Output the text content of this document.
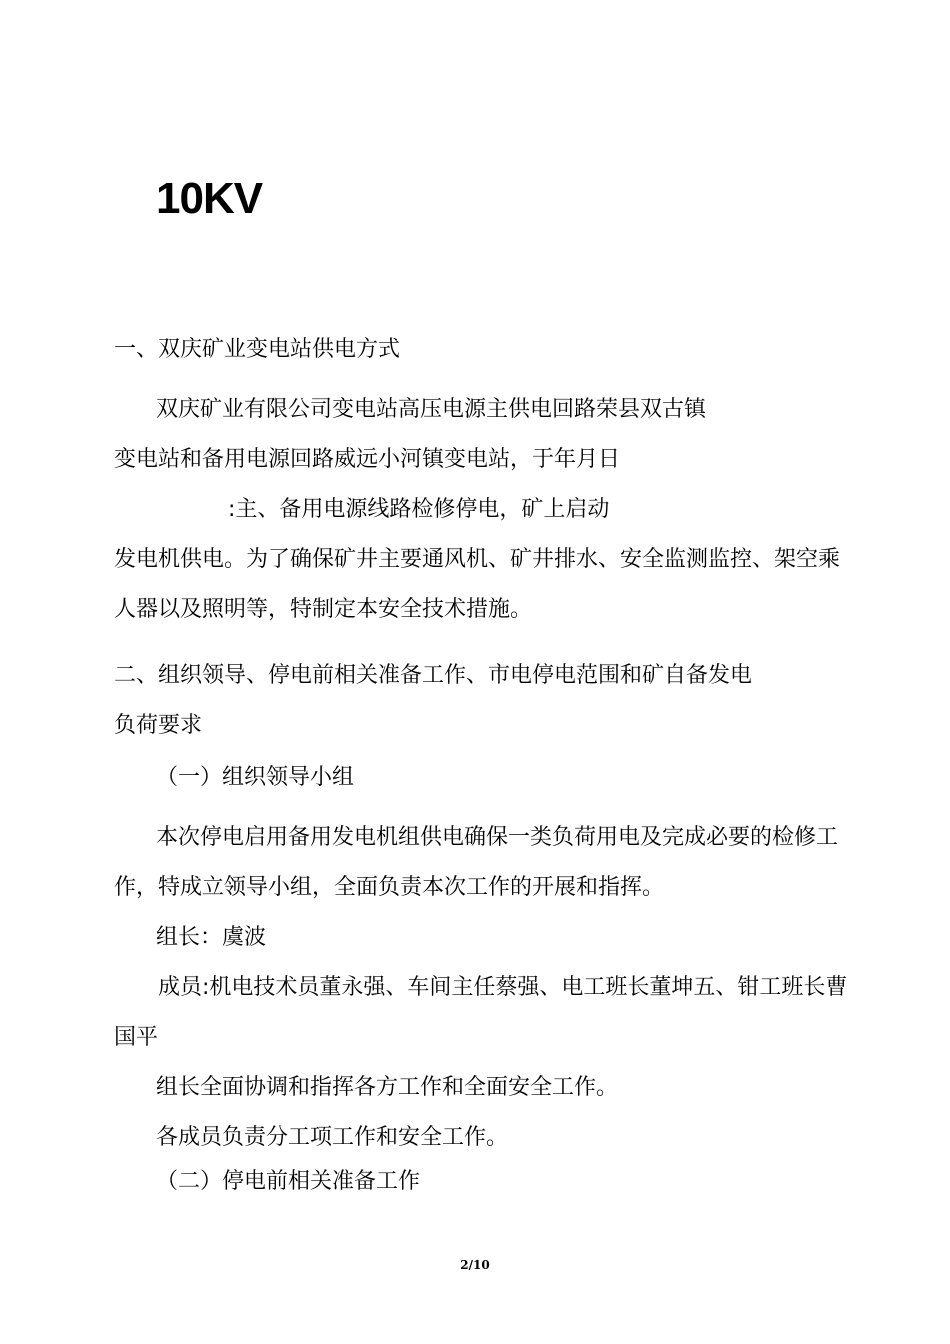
10KV
一、双庆矿业变电站供电方式
双庆矿业有限公司变电站高压电源主供电回路荣县双古镇
变电站和备用电源回路威远小河镇变电站，于年月日
:主、备用电源线路检修停电，矿上启动
发电机供电。为了确保矿井主要通风机、矿井排水、安全监测监控、架空乘
人器以及照明等，特制定本安全技术措施。
二、组织领导、停电前相关准备工作、市电停电范围和矿自备发电
负荷要求
（一）组织领导小组
本次停电启用备用发电机组供电确保一类负荷用电及完成必要的检修工
作，特成立领导小组，全面负责本次工作的开展和指挥。
组长：虞波
成员:机电技术员董永强、车间主任蔡强、电工班长董坤五、钳工班长曹
国平
组长全面协调和指挥各方工作和全面安全工作。
各成员负责分工项工作和安全工作。
（二）停电前相关准备工作
2/10
